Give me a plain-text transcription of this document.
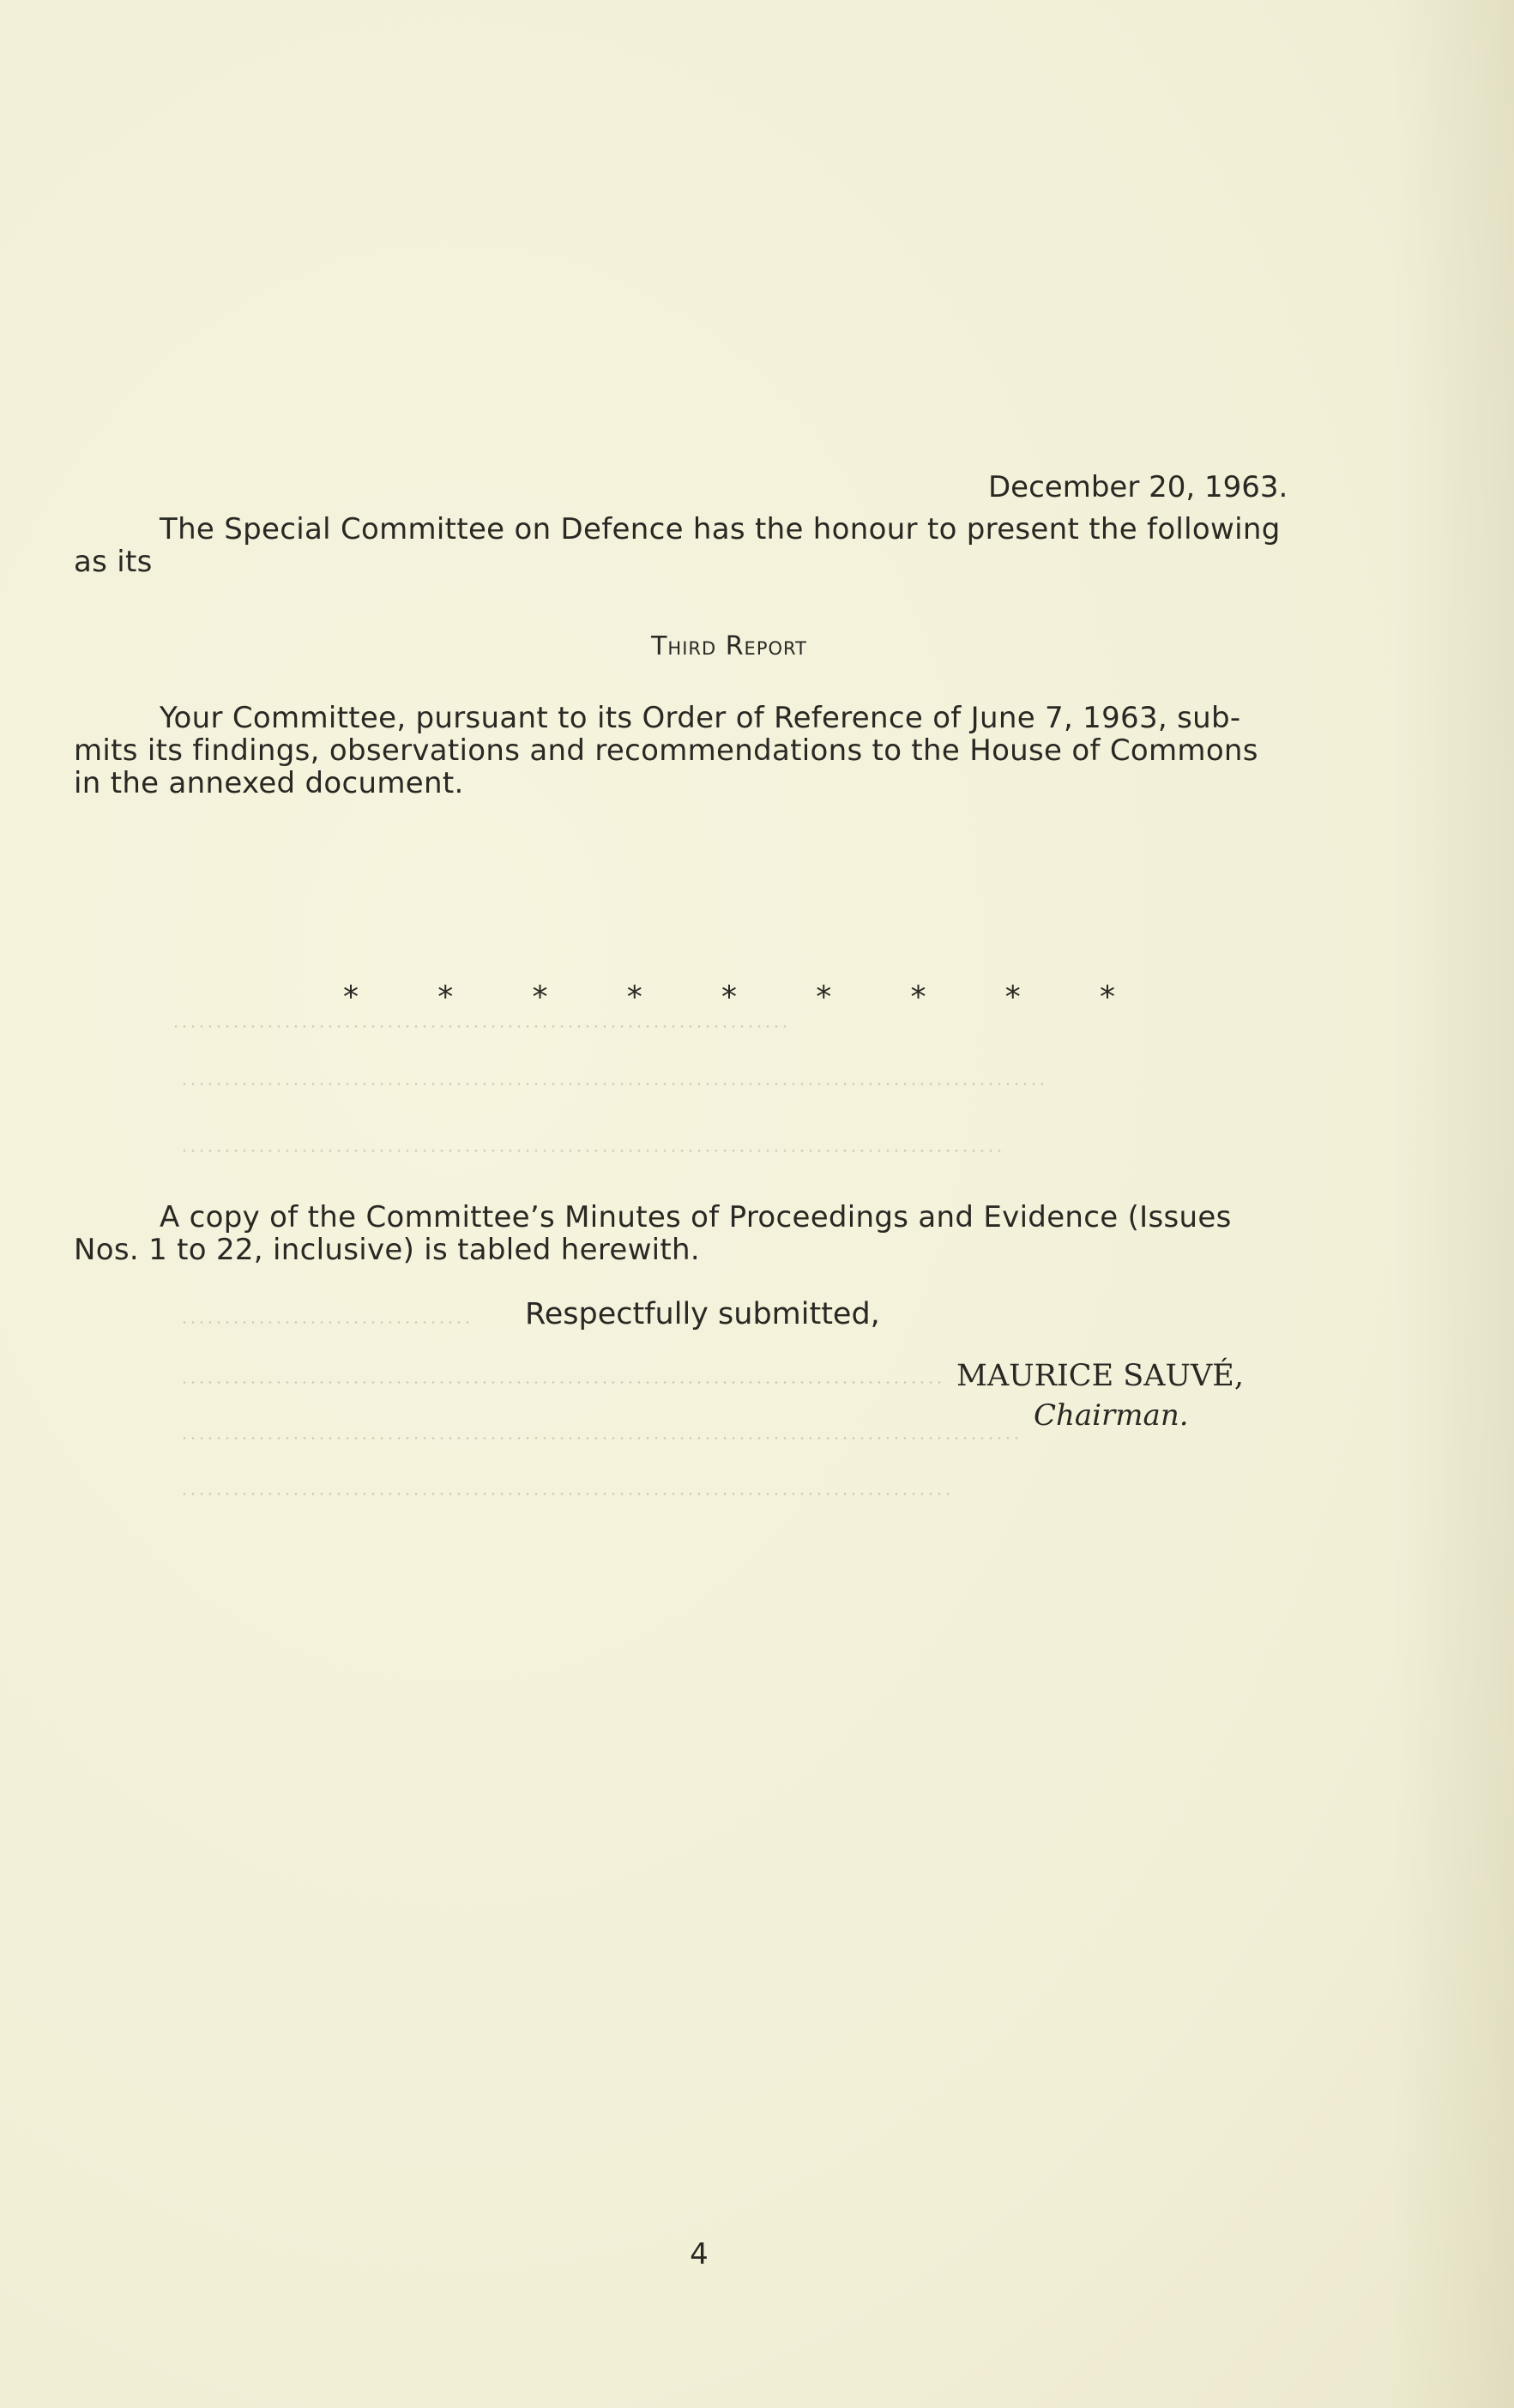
December 20, 1963.
The Special Committee on Defence has the honour to present the following
as its
Third Report
Your Committee, pursuant to its Order of Reference of June 7, 1963, sub-
mits its findings, observations and recommendations to the House of Commons
in the annexed document.
*	*	*	*	*	*	*	*	*
A copy of the Committee’s Minutes of Proceedings and Evidence (Issues
Nos. 1 to 22, inclusive) is tabled herewith.
Respectfully submitted,
MAURICE SAUVÉ,
Chairman.
4
